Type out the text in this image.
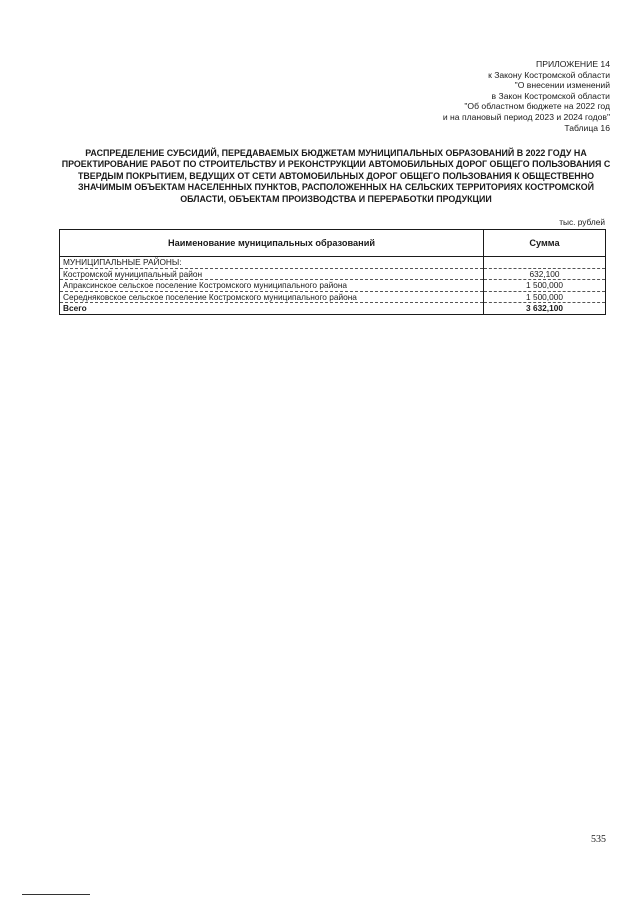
ПРИЛОЖЕНИЕ 14
к Закону Костромской области
"О внесении изменений
в Закон Костромской области
"Об областном бюджете на 2022 год
и на плановый период 2023 и 2024 годов"
Таблица 16
РАСПРЕДЕЛЕНИЕ СУБСИДИЙ, ПЕРЕДАВАЕМЫХ БЮДЖЕТАМ МУНИЦИПАЛЬНЫХ ОБРАЗОВАНИЙ В 2022 ГОДУ НА ПРОЕКТИРОВАНИЕ РАБОТ ПО СТРОИТЕЛЬСТВУ И РЕКОНСТРУКЦИИ АВТОМОБИЛЬНЫХ ДОРОГ ОБЩЕГО ПОЛЬЗОВАНИЯ С ТВЕРДЫМ ПОКРЫТИЕМ, ВЕДУЩИХ ОТ СЕТИ АВТОМОБИЛЬНЫХ ДОРОГ ОБЩЕГО ПОЛЬЗОВАНИЯ К ОБЩЕСТВЕННО ЗНАЧИМЫМ ОБЪЕКТАМ НАСЕЛЕННЫХ ПУНКТОВ, РАСПОЛОЖЕННЫХ НА СЕЛЬСКИХ ТЕРРИТОРИЯХ КОСТРОМСКОЙ ОБЛАСТИ, ОБЪЕКТАМ ПРОИЗВОДСТВА И ПЕРЕРАБОТКИ ПРОДУКЦИИ
тыс. рублей
Наименование муниципальных образований	Сумма
МУНИЦИПАЛЬНЫЕ РАЙОНЫ:	
Костромской муниципальный район	632,100
Апраксинское сельское поселение Костромского муниципального района	1 500,000
Середняковское сельское поселение Костромского муниципального района	1 500,000
Всего	3 632,100
535
